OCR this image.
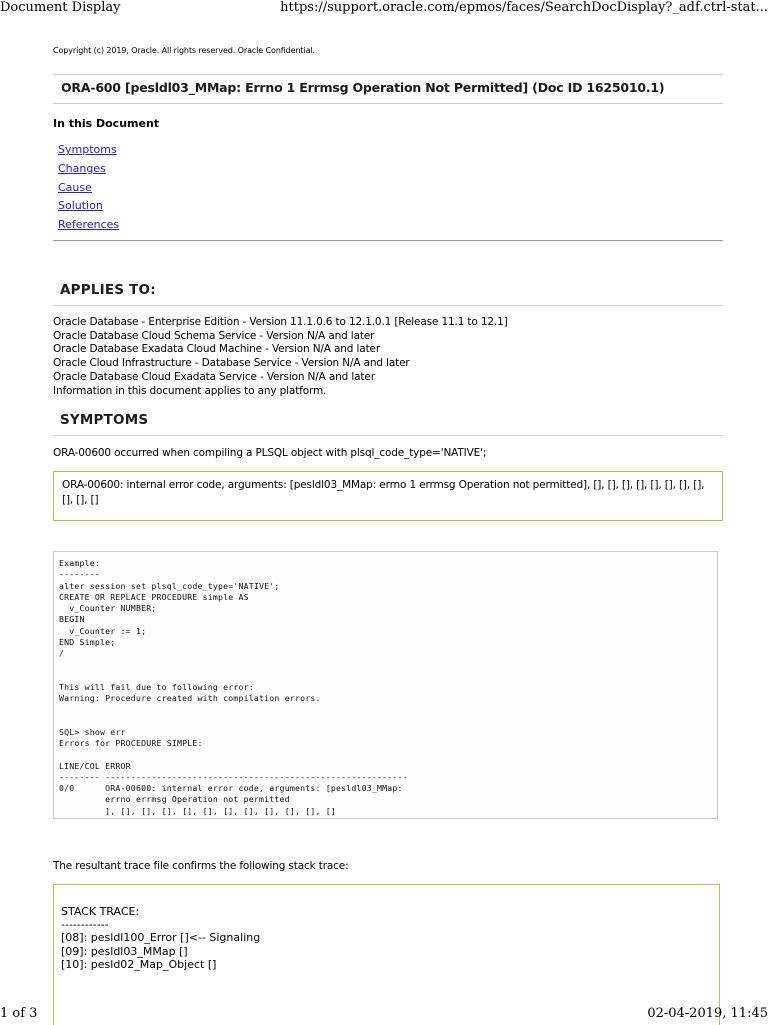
Document Display	https://support.oracle.com/epmos/faces/SearchDocDisplay?_adf.ctrl-stat...
Copyright (c) 2019, Oracle. All rights reserved. Oracle Confidential.
ORA-600 [pesldl03_MMap: Errno 1 Errmsg Operation Not Permitted] (Doc ID 1625010.1)
In this Document
Symptoms
Changes
Cause
Solution
References
APPLIES TO:
Oracle Database - Enterprise Edition - Version 11.1.0.6 to 12.1.0.1 [Release 11.1 to 12.1]
Oracle Database Cloud Schema Service - Version N/A and later
Oracle Database Exadata Cloud Machine - Version N/A and later
Oracle Cloud Infrastructure - Database Service - Version N/A and later
Oracle Database Cloud Exadata Service - Version N/A and later
Information in this document applies to any platform.
SYMPTOMS
ORA-00600 occurred when compiling a PLSQL object with plsql_code_type='NATIVE';
ORA-00600: internal error code, arguments: [pesldl03_MMap: errno 1 errmsg Operation not permitted], [], [], [], [], [], [], [], [], [], [], []
Example:
--------
alter session set plsql_code_type='NATIVE';
CREATE OR REPLACE PROCEDURE simple AS
v_Counter NUMBER;
BEGIN
v_Counter := 1;
END Simple;
/

This will fail due to following error:
Warning: Procedure created with compilation errors.

SQL> show err
Errors for PROCEDURE SIMPLE:

LINE/COL ERROR
-------- -----------------------------------------------------------
0/0      ORA-00600: internal error code, arguments: [pesldl03_MMap:
errno errmsg Operation not permitted
], [], [], [], [], [], [], [], [], [], [], []
The resultant trace file confirms the following stack trace:
STACK TRACE:
------------
[08]: pesldl100_Error []<-- Signaling
[09]: pesldl03_MMap []
[10]: pesld02_Map_Object []
1 of 3	02-04-2019, 11:45
